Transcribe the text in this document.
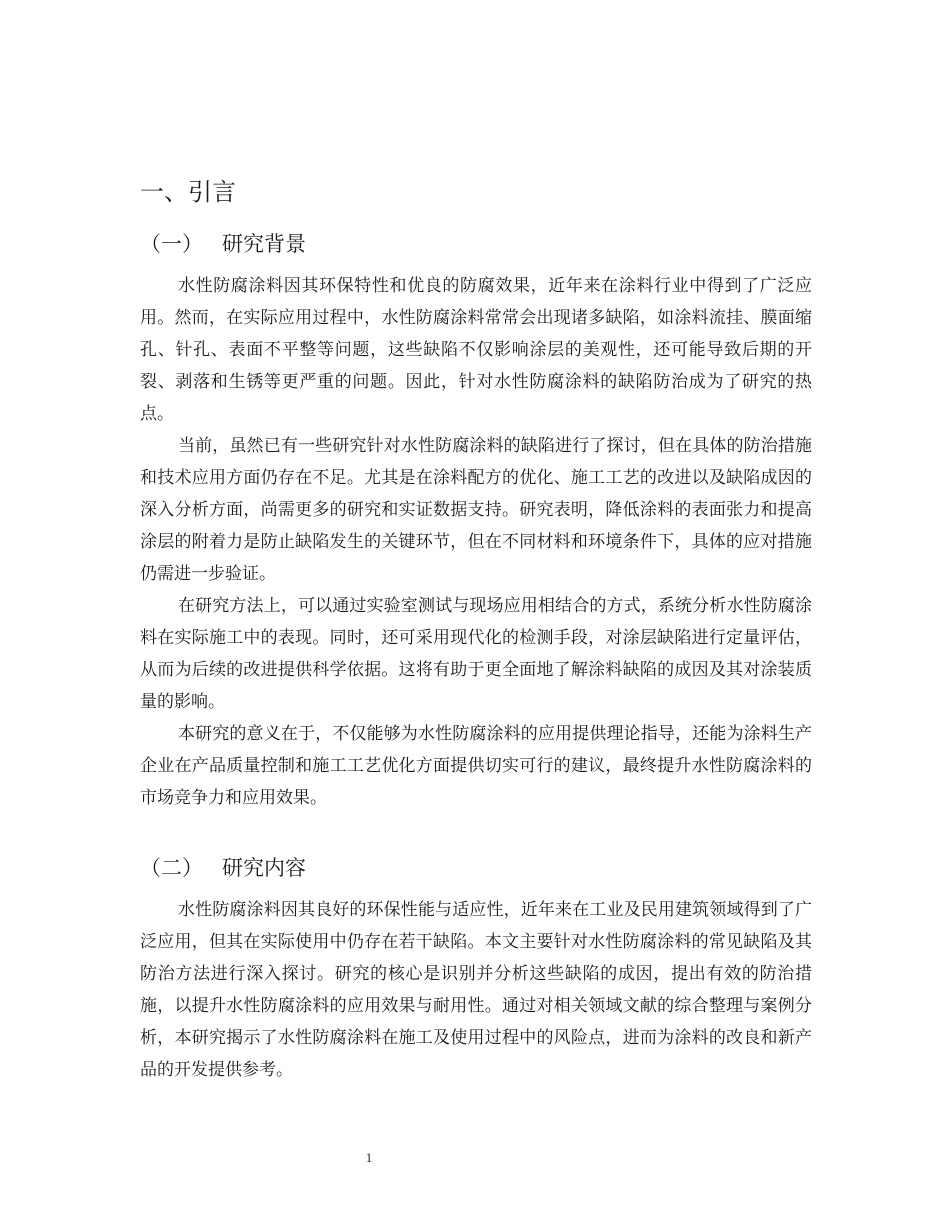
一、引言
（一） 研究背景

水性防腐涂料因其环保特性和优良的防腐效果，近年来在涂料行业中得到了广泛应用。然而，在实际应用过程中，水性防腐涂料常常会出现诸多缺陷，如涂料流挂、膜面缩孔、针孔、表面不平整等问题，这些缺陷不仅影响涂层的美观性，还可能导致后期的开裂、剥落和生锈等更严重的问题。因此，针对水性防腐涂料的缺陷防治成为了研究的热点。

当前，虽然已有一些研究针对水性防腐涂料的缺陷进行了探讨，但在具体的防治措施和技术应用方面仍存在不足。尤其是在涂料配方的优化、施工工艺的改进以及缺陷成因的深入分析方面，尚需更多的研究和实证数据支持。研究表明，降低涂料的表面张力和提高涂层的附着力是防止缺陷发生的关键环节，但在不同材料和环境条件下，具体的应对措施仍需进一步验证。

在研究方法上，可以通过实验室测试与现场应用相结合的方式，系统分析水性防腐涂料在实际施工中的表现。同时，还可采用现代化的检测手段，对涂层缺陷进行定量评估，从而为后续的改进提供科学依据。这将有助于更全面地了解涂料缺陷的成因及其对涂装质量的影响。

本研究的意义在于，不仅能够为水性防腐涂料的应用提供理论指导，还能为涂料生产企业在产品质量控制和施工工艺优化方面提供切实可行的建议，最终提升水性防腐涂料的市场竞争力和应用效果。

（二） 研究内容

水性防腐涂料因其良好的环保性能与适应性，近年来在工业及民用建筑领域得到了广泛应用，但其在实际使用中仍存在若干缺陷。本文主要针对水性防腐涂料的常见缺陷及其防治方法进行深入探讨。研究的核心是识别并分析这些缺陷的成因，提出有效的防治措施，以提升水性防腐涂料的应用效果与耐用性。通过对相关领域文献的综合整理与案例分析，本研究揭示了水性防腐涂料在施工及使用过程中的风险点，进而为涂料的改良和新产品的开发提供参考。

1
